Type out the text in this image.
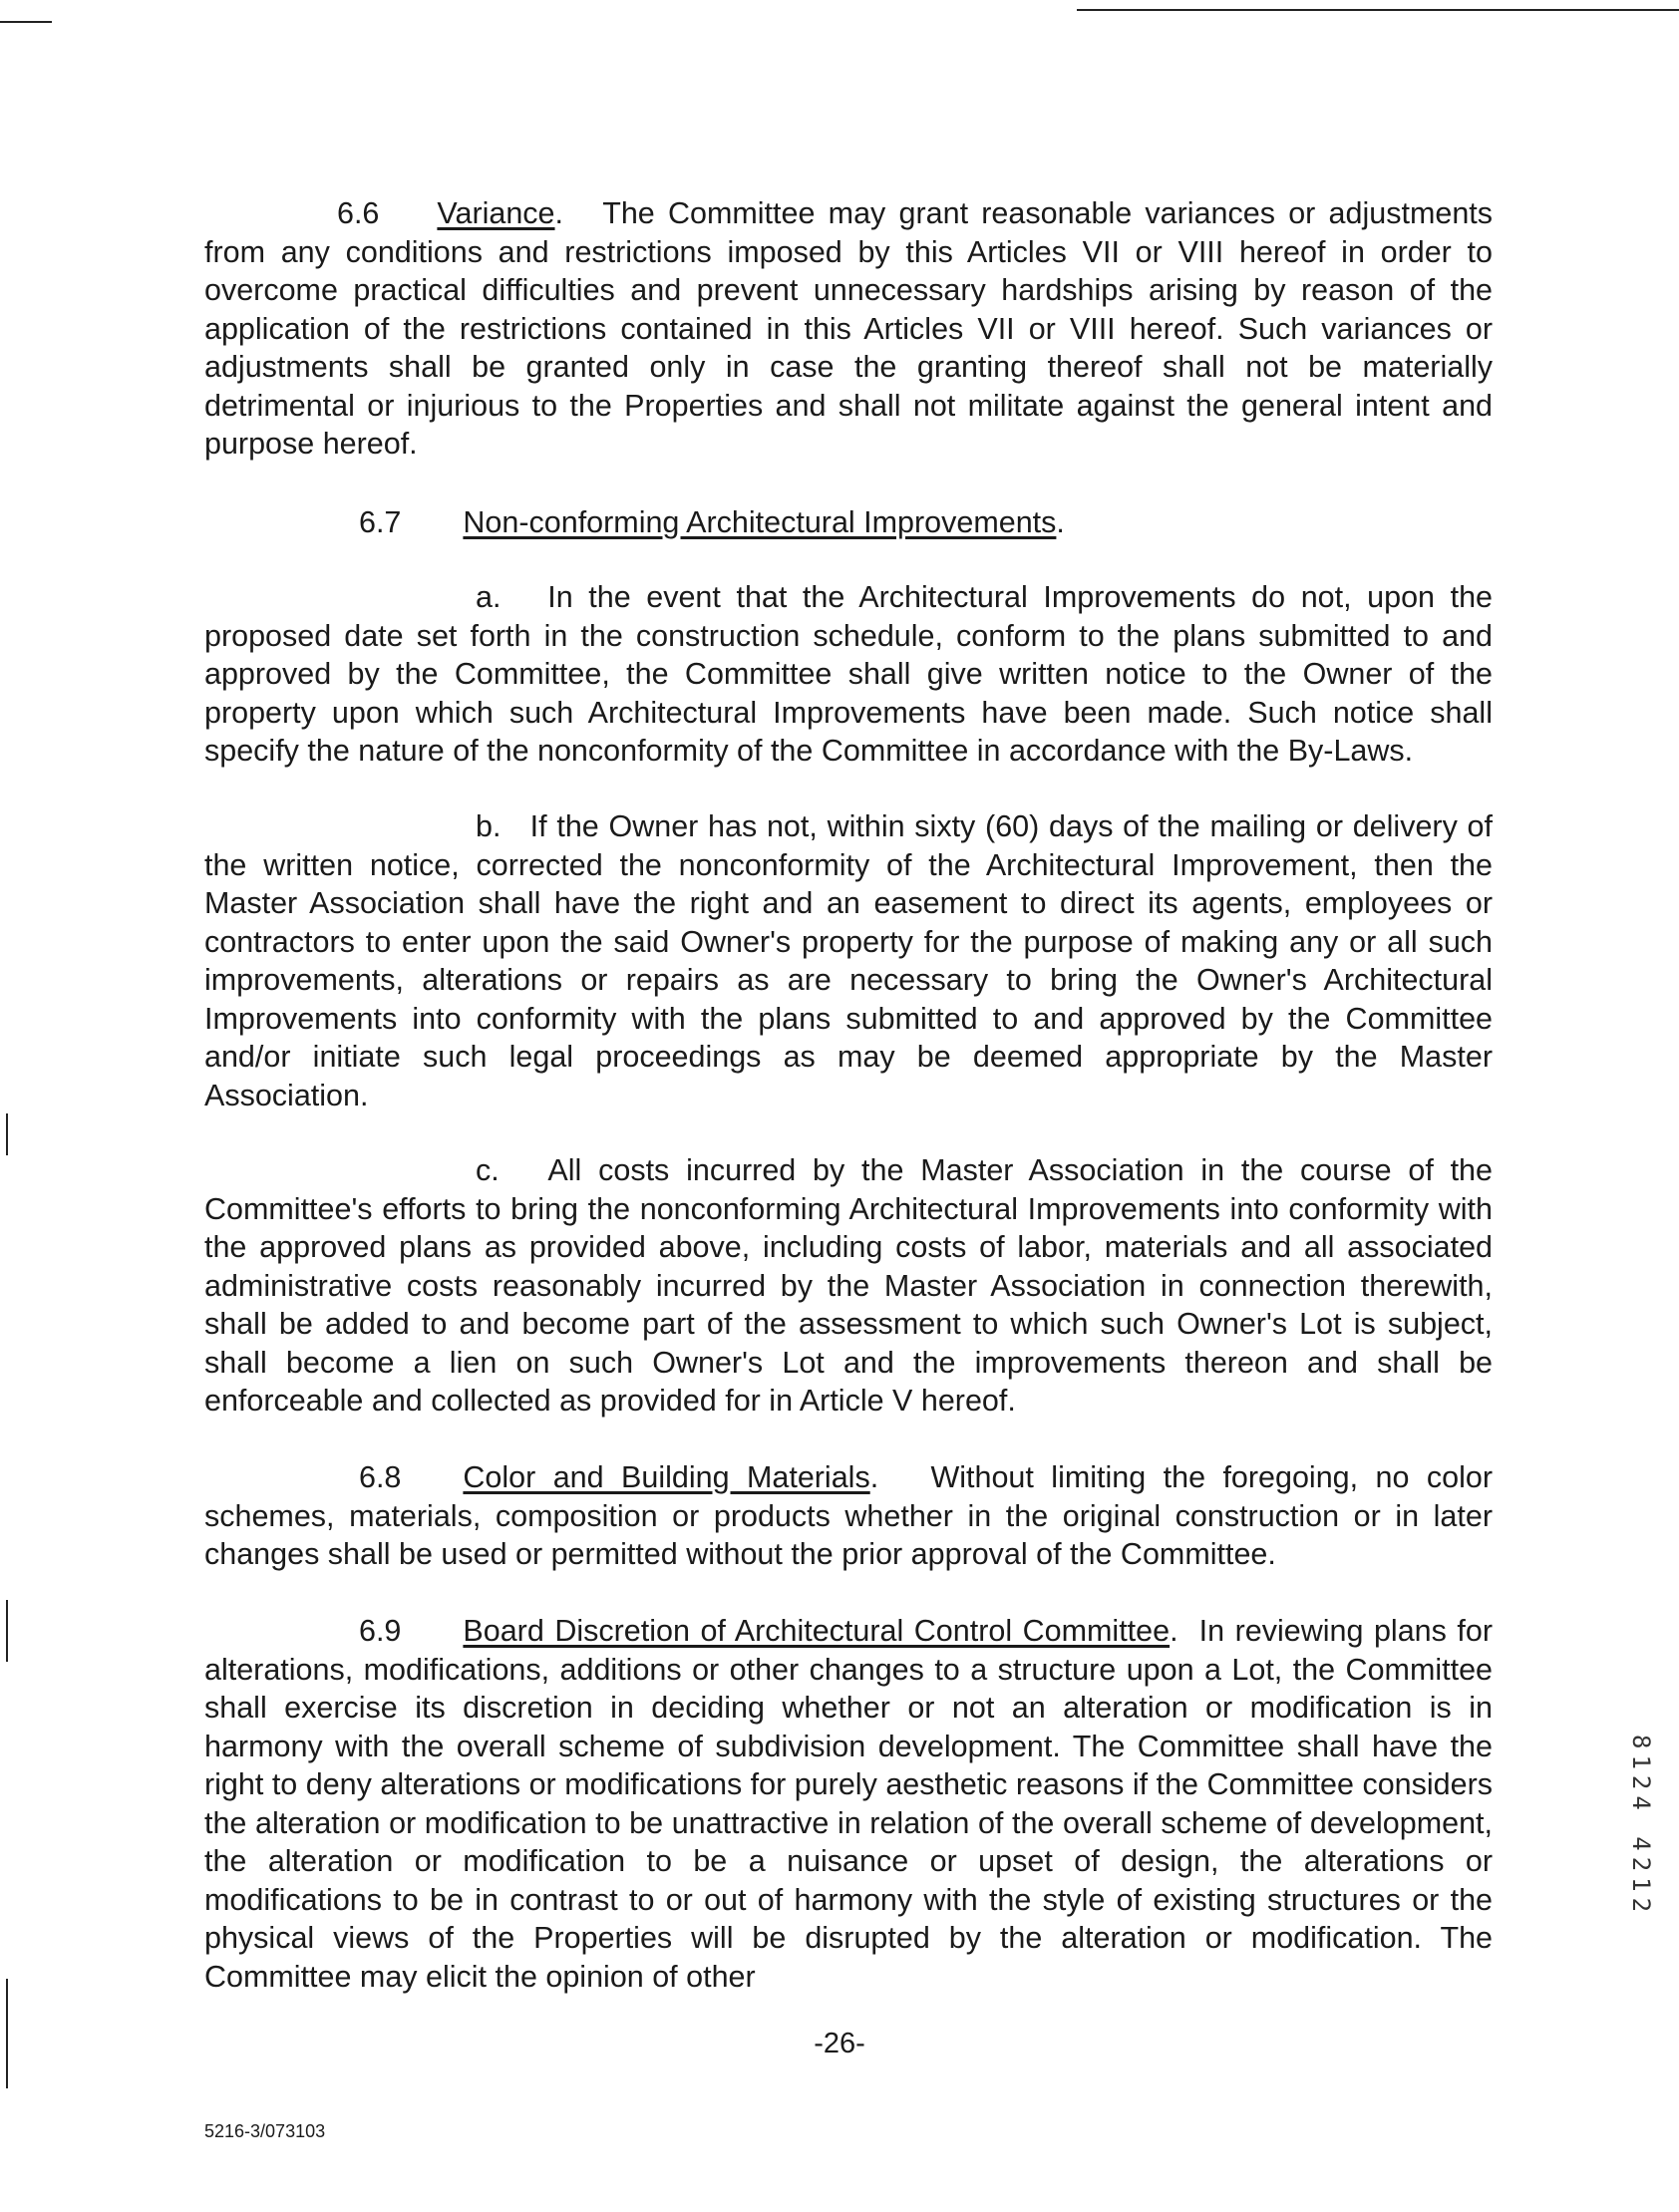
6.6 Variance. The Committee may grant reasonable variances or adjustments from any conditions and restrictions imposed by this Articles VII or VIII hereof in order to overcome practical difficulties and prevent unnecessary hardships arising by reason of the application of the restrictions contained in this Articles VII or VIII hereof. Such variances or adjustments shall be granted only in case the granting thereof shall not be materially detrimental or injurious to the Properties and shall not militate against the general intent and purpose hereof.

6.7 Non-conforming Architectural Improvements.

a. In the event that the Architectural Improvements do not, upon the proposed date set forth in the construction schedule, conform to the plans submitted to and approved by the Committee, the Committee shall give written notice to the Owner of the property upon which such Architectural Improvements have been made. Such notice shall specify the nature of the nonconformity of the Committee in accordance with the By-Laws.

b. If the Owner has not, within sixty (60) days of the mailing or delivery of the written notice, corrected the nonconformity of the Architectural Improvement, then the Master Association shall have the right and an easement to direct its agents, employees or contractors to enter upon the said Owner's property for the purpose of making any or all such improvements, alterations or repairs as are necessary to bring the Owner's Architectural Improvements into conformity with the plans submitted to and approved by the Committee and/or initiate such legal proceedings as may be deemed appropriate by the Master Association.

c. All costs incurred by the Master Association in the course of the Committee's efforts to bring the nonconforming Architectural Improvements into conformity with the approved plans as provided above, including costs of labor, materials and all associated administrative costs reasonably incurred by the Master Association in connection therewith, shall be added to and become part of the assessment to which such Owner's Lot is subject, shall become a lien on such Owner's Lot and the improvements thereon and shall be enforceable and collected as provided for in Article V hereof.

6.8 Color and Building Materials. Without limiting the foregoing, no color schemes, materials, composition or products whether in the original construction or in later changes shall be used or permitted without the prior approval of the Committee.

6.9 Board Discretion of Architectural Control Committee. In reviewing plans for alterations, modifications, additions or other changes to a structure upon a Lot, the Committee shall exercise its discretion in deciding whether or not an alteration or modification is in harmony with the overall scheme of subdivision development. The Committee shall have the right to deny alterations or modifications for purely aesthetic reasons if the Committee considers the alteration or modification to be unattractive in relation of the overall scheme of development, the alteration or modification to be a nuisance or upset of design, the alterations or modifications to be in contrast to or out of harmony with the style of existing structures or the physical views of the Properties will be disrupted by the alteration or modification. The Committee may elicit the opinion of other

8124 4212
-26-
5216-3/073103
